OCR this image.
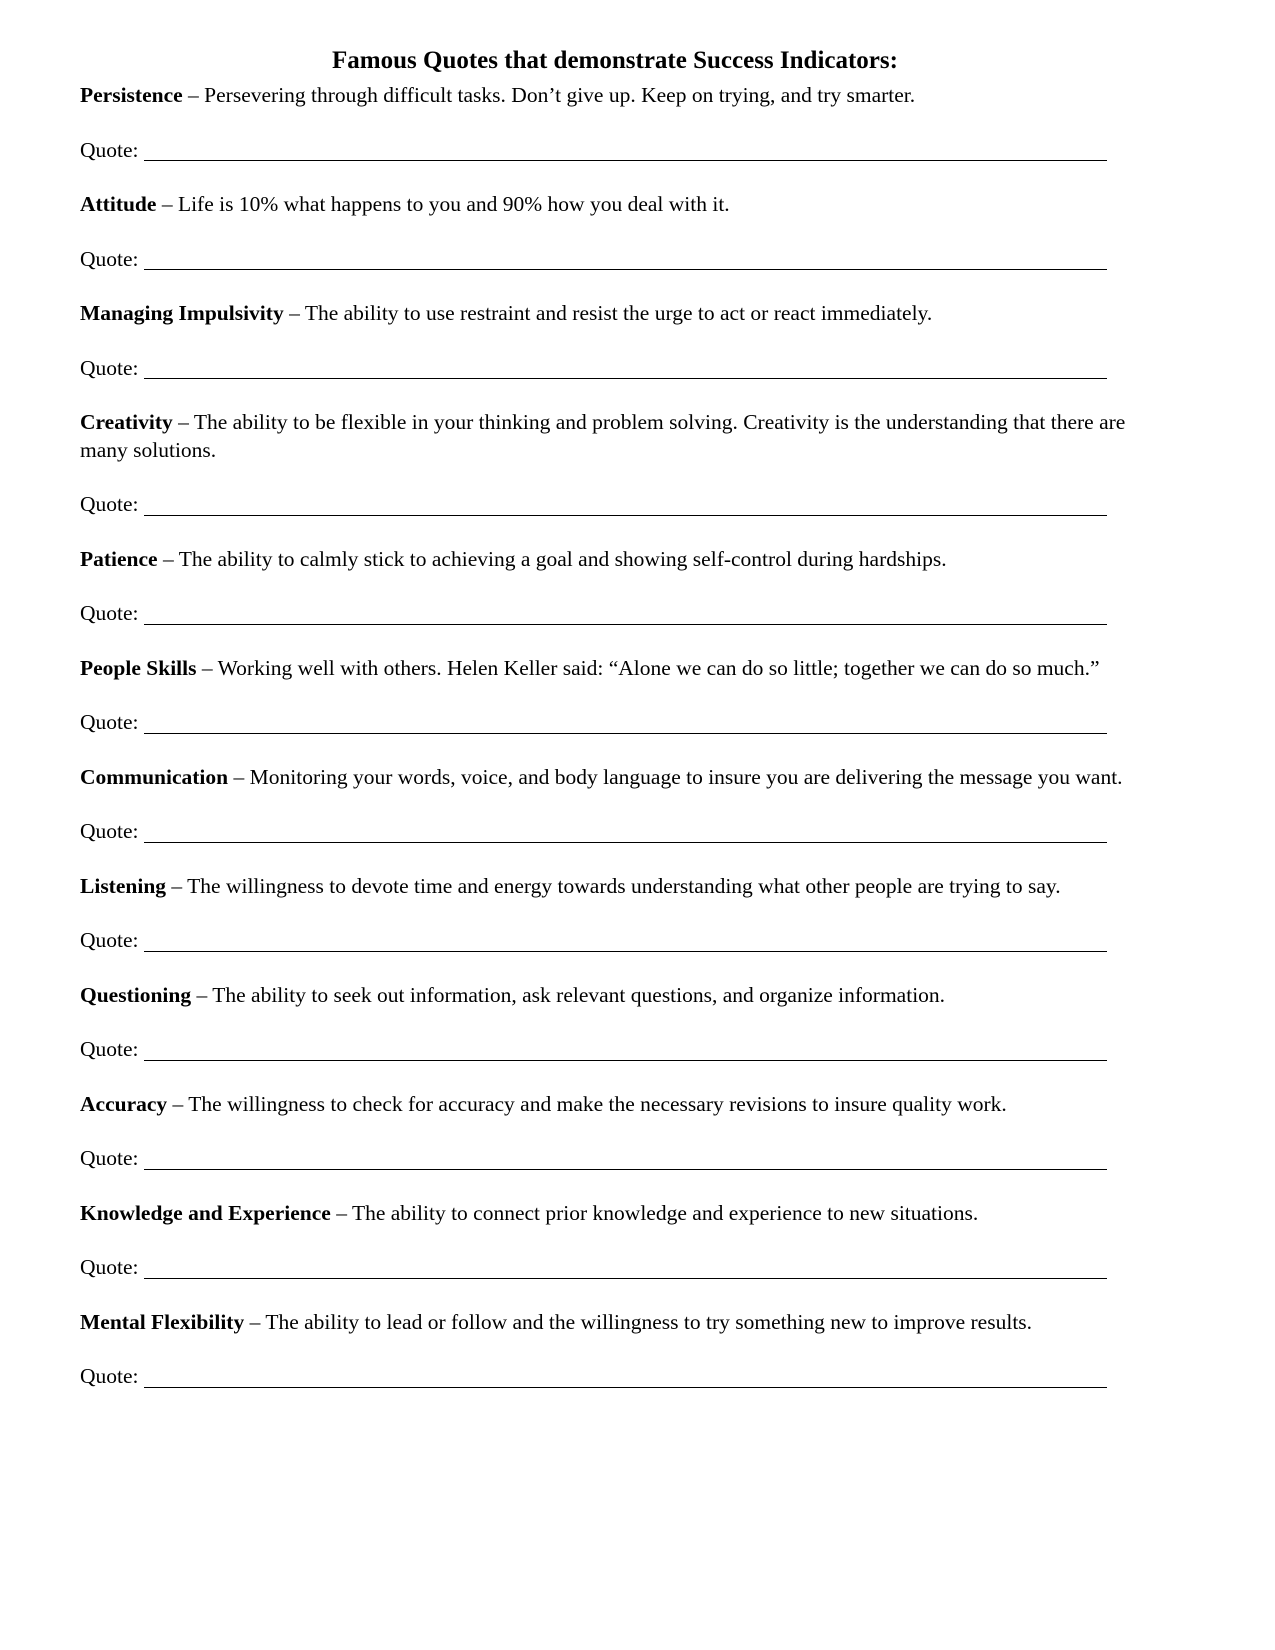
Famous Quotes that demonstrate Success Indicators:

Persistence – Persevering through difficult tasks. Don’t give up. Keep on trying, and try smarter.

Quote:

Attitude – Life is 10% what happens to you and 90% how you deal with it.

Quote:

Managing Impulsivity – The ability to use restraint and resist the urge to act or react immediately.

Quote:

Creativity – The ability to be flexible in your thinking and problem solving. Creativity is the understanding that there are many solutions.

Quote:

Patience – The ability to calmly stick to achieving a goal and showing self-control during hardships.

Quote:

People Skills – Working well with others. Helen Keller said: “Alone we can do so little; together we can do so much.”

Quote:

Communication – Monitoring your words, voice, and body language to insure you are delivering the message you want.

Quote:

Listening – The willingness to devote time and energy towards understanding what other people are trying to say.

Quote:

Questioning – The ability to seek out information, ask relevant questions, and organize information.

Quote:

Accuracy – The willingness to check for accuracy and make the necessary revisions to insure quality work.

Quote:

Knowledge and Experience – The ability to connect prior knowledge and experience to new situations.

Quote:

Mental Flexibility – The ability to lead or follow and the willingness to try something new to improve results.

Quote:
